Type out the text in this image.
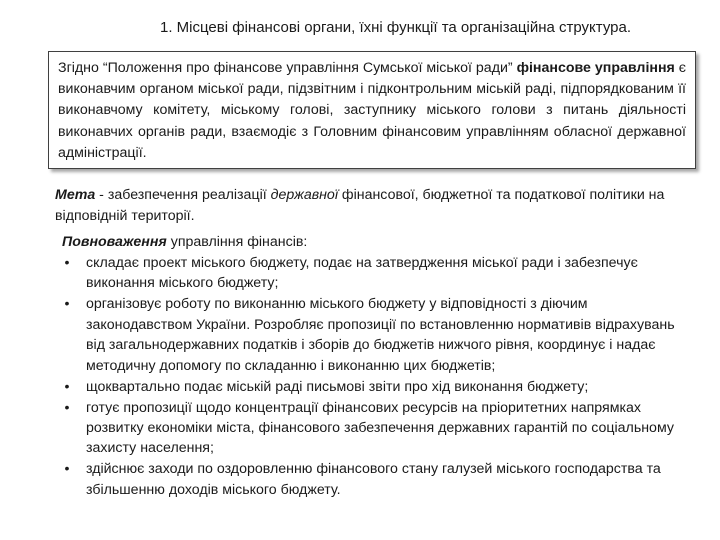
1. Місцеві фінансові органи, їхні функції та організаційна структура.
Згідно “Положення про фінансове управління Сумської міської ради” фінансове управління є виконавчим органом міської ради, підзвітним і підконтрольним міській раді, підпорядкованим її виконавчому комітету, міському голові, заступнику міського голови з питань діяльності виконавчих органів ради, взаємодіє з Головним фінансовим управлінням обласної державної адміністрації.
Мета - забезпечення реалізації державної фінансової, бюджетної та податкової політики на відповідній території.
Повноваження управління фінансів:
•	складає проект міського бюджету, подає на затвердження міської ради і забезпечує виконання міського бюджету;
•	організовує роботу по виконанню міського бюджету у відповідності з діючим законодавством України. Розробляє пропозиції по встановленню нормативів відрахувань від загальнодержавних податків і зборів до бюджетів нижчого рівня, координує і надає методичну допомогу по складанню і виконанню цих бюджетів;
•	щоквартально подає міській раді письмові звіти про хід виконання бюджету;
•	готує пропозиції щодо концентрації фінансових ресурсів на пріоритетних напрямках розвитку економіки міста, фінансового забезпечення державних гарантій по соціальному захисту населення;
•	здійснює заходи по оздоровленню фінансового стану галузей міського господарства та збільшенню доходів міського бюджету.
